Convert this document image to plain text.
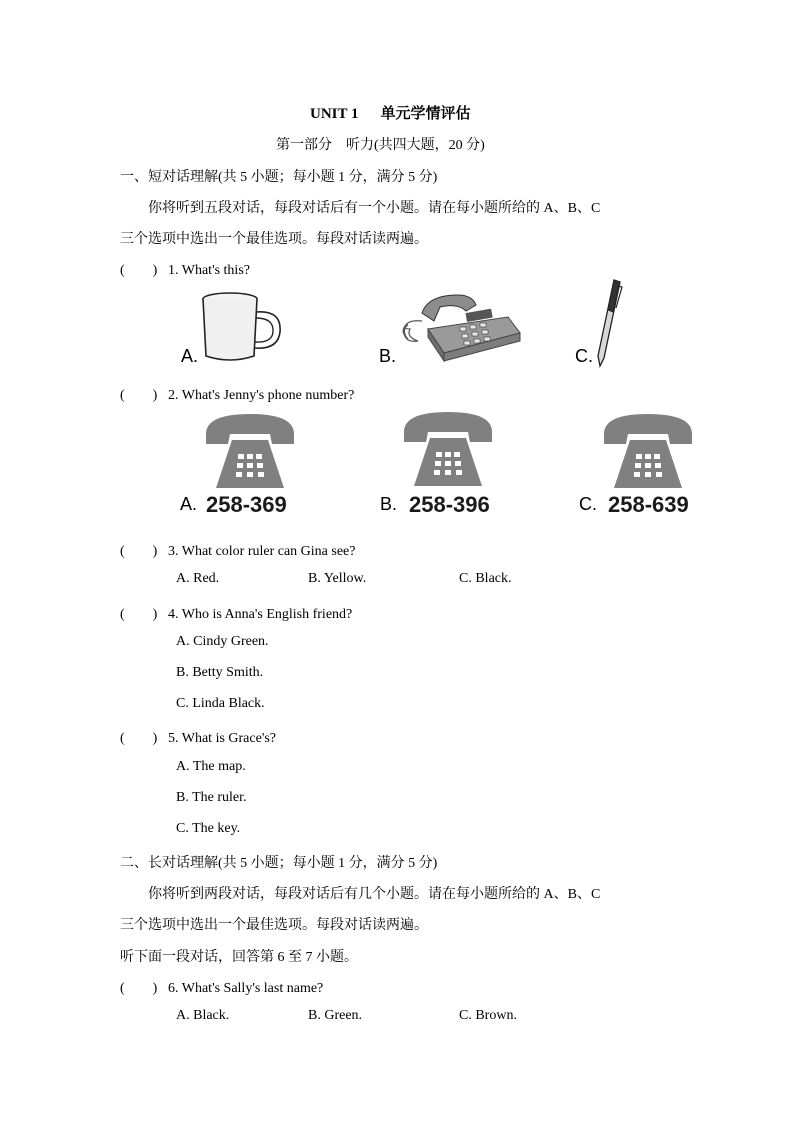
UNIT 1 单元学情评估
第一部分 听力(共四大题，20 分)
一、短对话理解(共 5 小题；每小题 1 分，满分 5 分)
你将听到五段对话，每段对话后有一个小题。请在每小题所给的 A、B、C
三个选项中选出一个最佳选项。每段对话读两遍。
(　　) 1. What's this?
A.	B.	C.
(　　) 2. What's Jenny's phone number?
A. 258-369	B. 258-396	C. 258-639
(　　) 3. What color ruler can Gina see?
A. Red.	B. Yellow.	C. Black.
(　　) 4. Who is Anna's English friend?
A. Cindy Green.
B. Betty Smith.
C. Linda Black.
(　　) 5. What is Grace's?
A. The map.
B. The ruler.
C. The key.
二、长对话理解(共 5 小题；每小题 1 分，满分 5 分)
你将听到两段对话，每段对话后有几个小题。请在每小题所给的 A、B、C
三个选项中选出一个最佳选项。每段对话读两遍。
听下面一段对话，回答第 6 至 7 小题。
(　　) 6. What's Sally's last name?
A. Black.	B. Green.	C. Brown.
